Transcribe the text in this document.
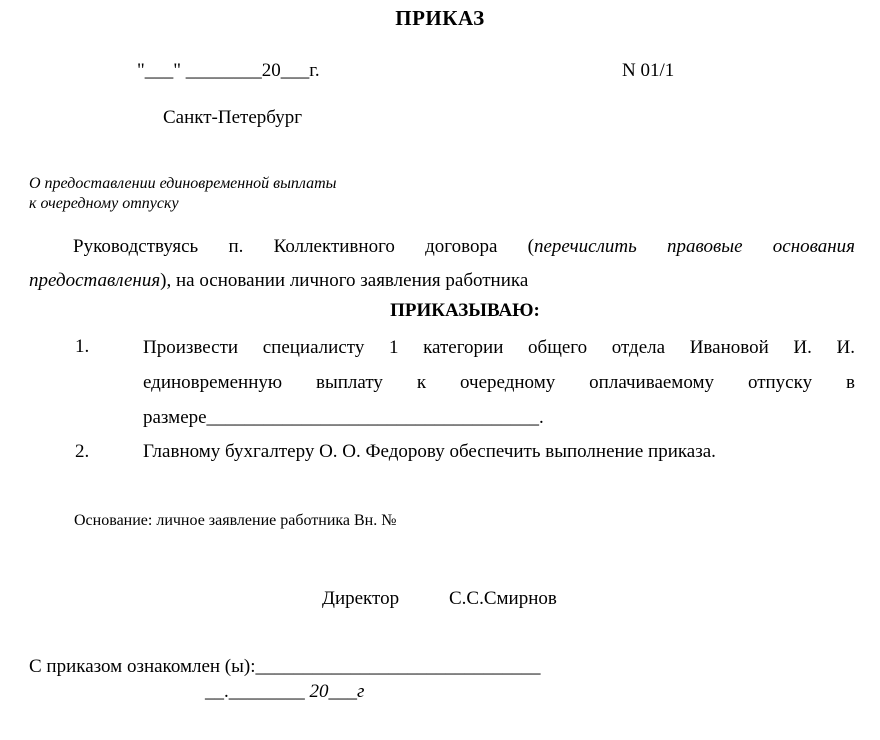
ПРИКАЗ
"___" ________20___г.	N 01/1
Санкт-Петербург
О предоставлении единовременной выплаты
к очередному отпуску
Руководствуясь п. Коллективного договора (перечислить правовые основания
предоставления), на основании личного заявления работника
ПРИКАЗЫВАЮ:
1.	Произвести специалисту 1 категории общего отдела Ивановой И. И.
единовременную выплату к очередному оплачиваемому отпуску в
размере___________________________________.
2.	Главному бухгалтеру О. О. Федорову обеспечить выполнение приказа.
Основание: личное заявление работника Вн. №
Директор	С.С.Смирнов
С приказом ознакомлен (ы):______________________________
__.________ 20___г
